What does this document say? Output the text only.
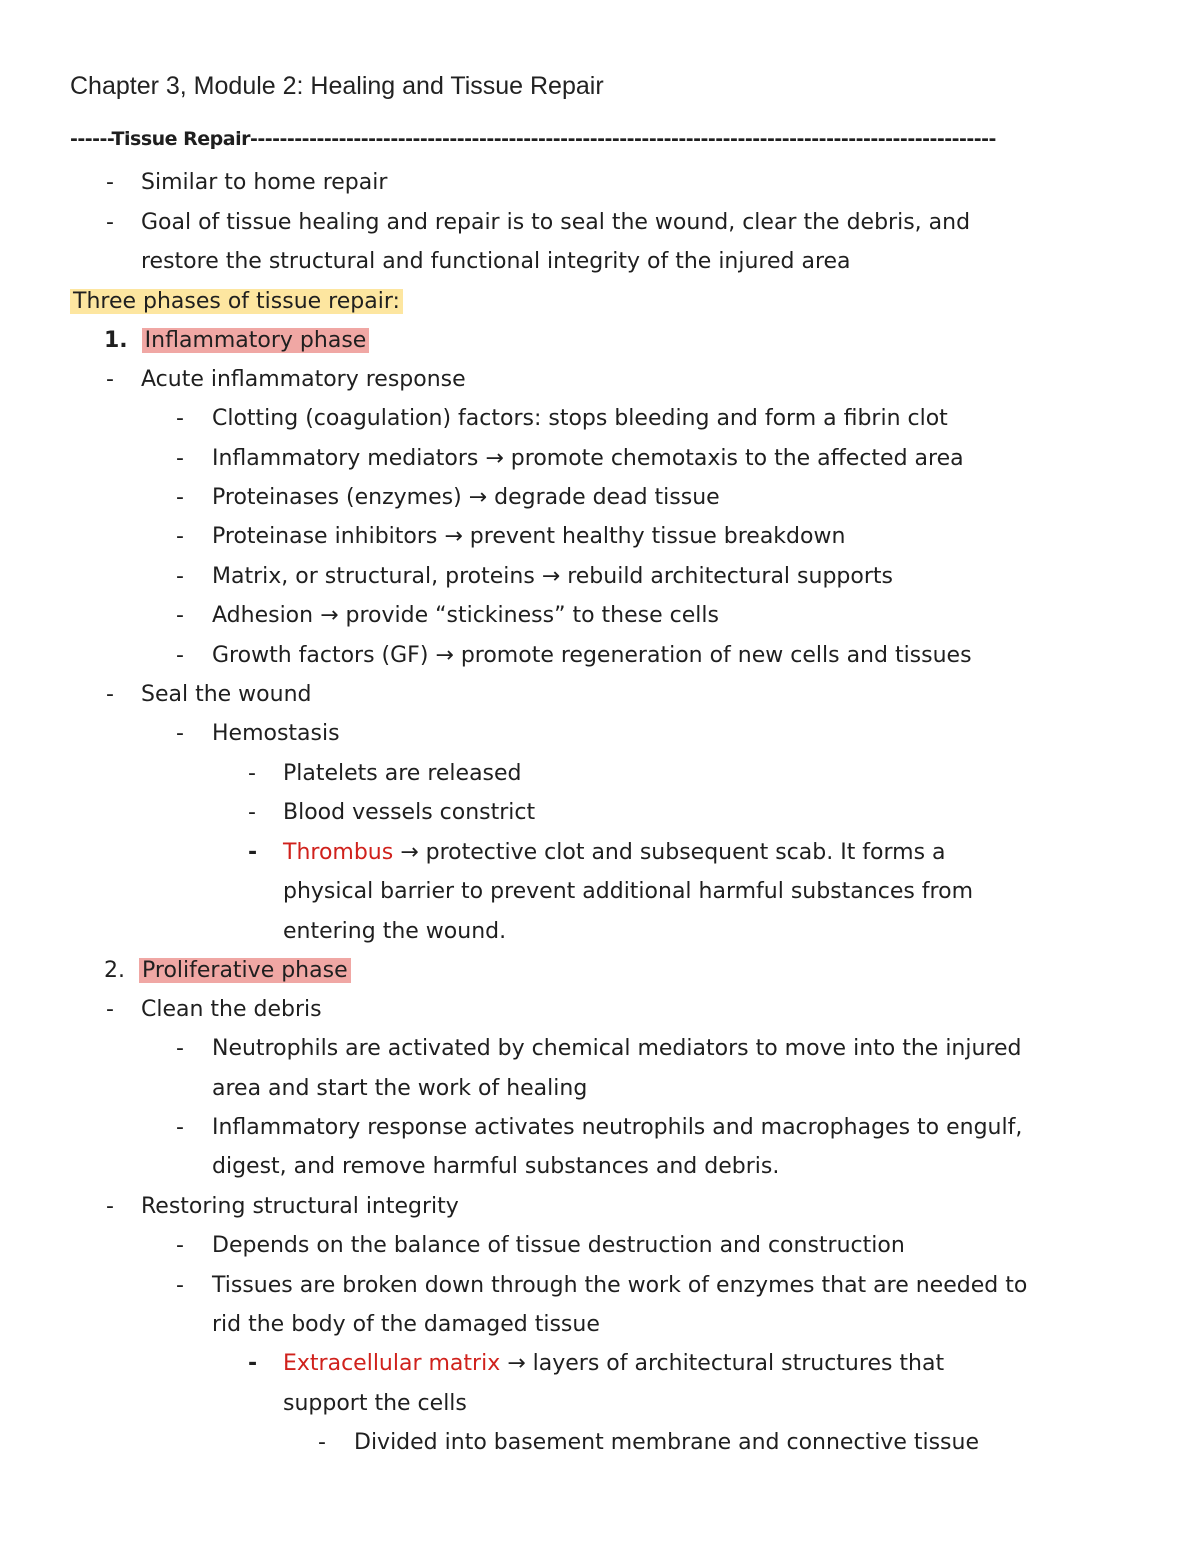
Chapter 3, Module 2: Healing and Tissue Repair
------Tissue Repair-----------------------------------------------------------------------------------------------------
- Similar to home repair
- Goal of tissue healing and repair is to seal the wound, clear the debris, and
restore the structural and functional integrity of the injured area
Three phases of tissue repair:
1. Inflammatory phase
- Acute inflammatory response
- Clotting (coagulation) factors: stops bleeding and form a fibrin clot
- Inflammatory mediators → promote chemotaxis to the affected area
- Proteinases (enzymes) → degrade dead tissue
- Proteinase inhibitors → prevent healthy tissue breakdown
- Matrix, or structural, proteins → rebuild architectural supports
- Adhesion → provide “stickiness” to these cells
- Growth factors (GF) → promote regeneration of new cells and tissues
- Seal the wound
- Hemostasis
- Platelets are released
- Blood vessels constrict
- Thrombus → protective clot and subsequent scab. It forms a
physical barrier to prevent additional harmful substances from
entering the wound.
2. Proliferative phase
- Clean the debris
- Neutrophils are activated by chemical mediators to move into the injured
area and start the work of healing
- Inflammatory response activates neutrophils and macrophages to engulf,
digest, and remove harmful substances and debris.
- Restoring structural integrity
- Depends on the balance of tissue destruction and construction
- Tissues are broken down through the work of enzymes that are needed to
rid the body of the damaged tissue
- Extracellular matrix → layers of architectural structures that
support the cells
- Divided into basement membrane and connective tissue
